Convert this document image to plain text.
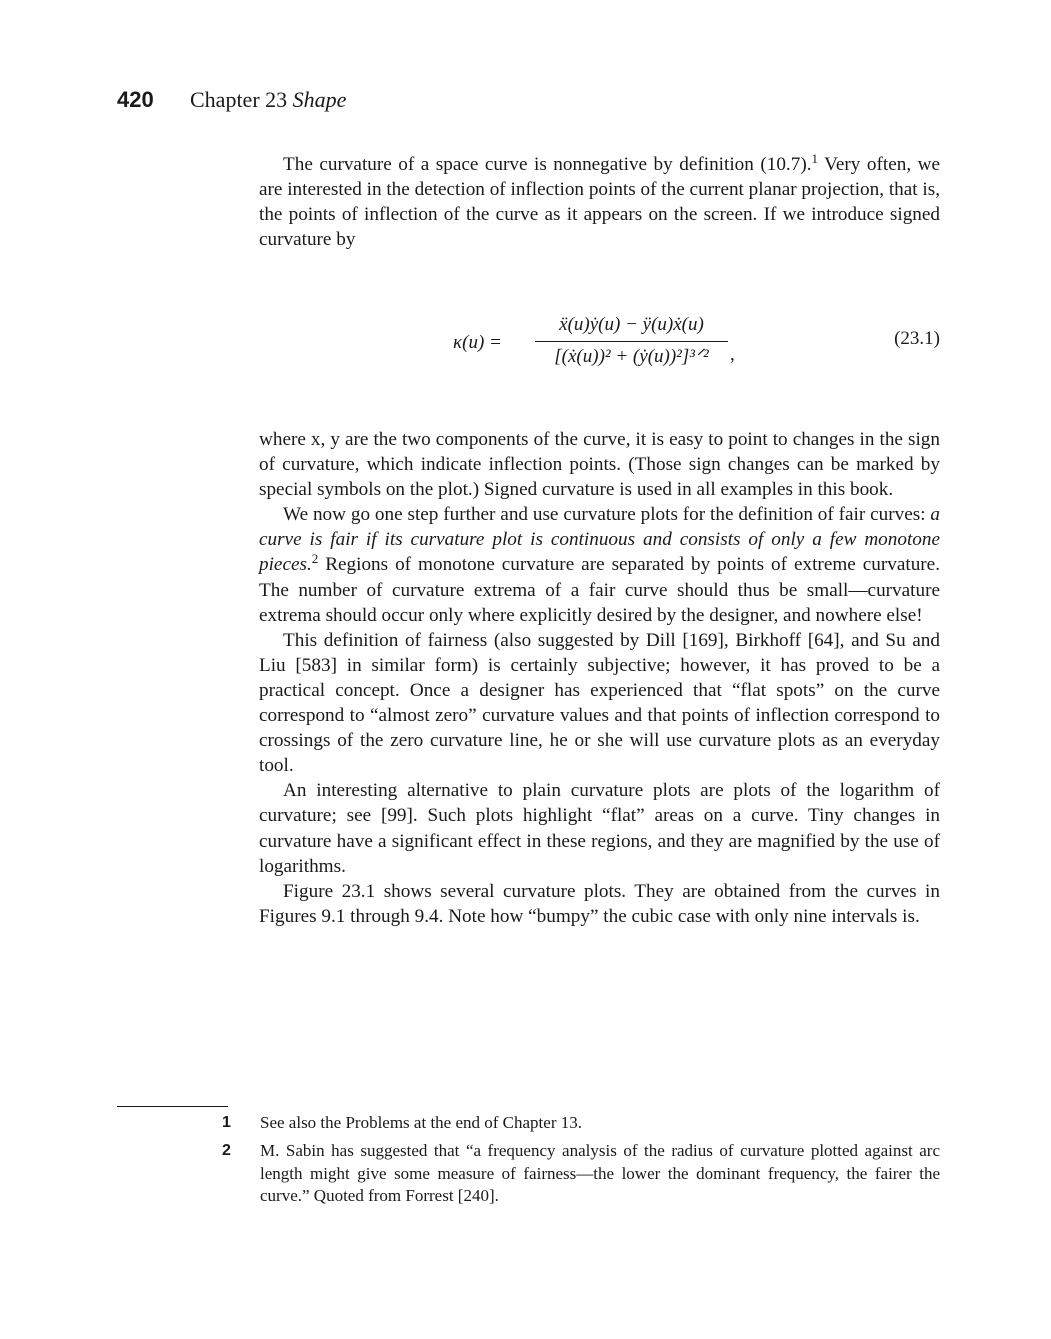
420 Chapter 23 Shape

The curvature of a space curve is nonnegative by definition (10.7).$^1$ Very often, we are interested in the detection of inflection points of the current planar projection, that is, the points of inflection of the curve as it appears on the screen. If we introduce signed curvature by

κ(u) =
ẍ(u)ẏ(u) − ÿ(u)ẋ(u)
[(ẋ(u))² + (ẏ(u))²]³ᐟ²	,
(23.1)

where x, y are the two components of the curve, it is easy to point to changes in the sign of curvature, which indicate inflection points. (Those sign changes can be marked by special symbols on the plot.) Signed curvature is used in all examples in this book.

We now go one step further and use curvature plots for the definition of fair curves: a curve is fair if its curvature plot is continuous and consists of only a few monotone pieces.$^2$ Regions of monotone curvature are separated by points of extreme curvature. The number of curvature extrema of a fair curve should thus be small—curvature extrema should occur only where explicitly desired by the designer, and nowhere else!

This definition of fairness (also suggested by Dill [169], Birkhoff [64], and Su and Liu [583] in similar form) is certainly subjective; however, it has proved to be a practical concept. Once a designer has experienced that “flat spots” on the curve correspond to “almost zero” curvature values and that points of inflection correspond to crossings of the zero curvature line, he or she will use curvature plots as an everyday tool.

An interesting alternative to plain curvature plots are plots of the logarithm of curvature; see [99]. Such plots highlight “flat” areas on a curve. Tiny changes in curvature have a significant effect in these regions, and they are magnified by the use of logarithms.

Figure 23.1 shows several curvature plots. They are obtained from the curves in Figures 9.1 through 9.4. Note how “bumpy” the cubic case with only nine intervals is.

1 See also the Problems at the end of Chapter 13.
2 M. Sabin has suggested that “a frequency analysis of the radius of curvature plotted against arc length might give some measure of fairness—the lower the dominant frequency, the fairer the curve.” Quoted from Forrest [240].
